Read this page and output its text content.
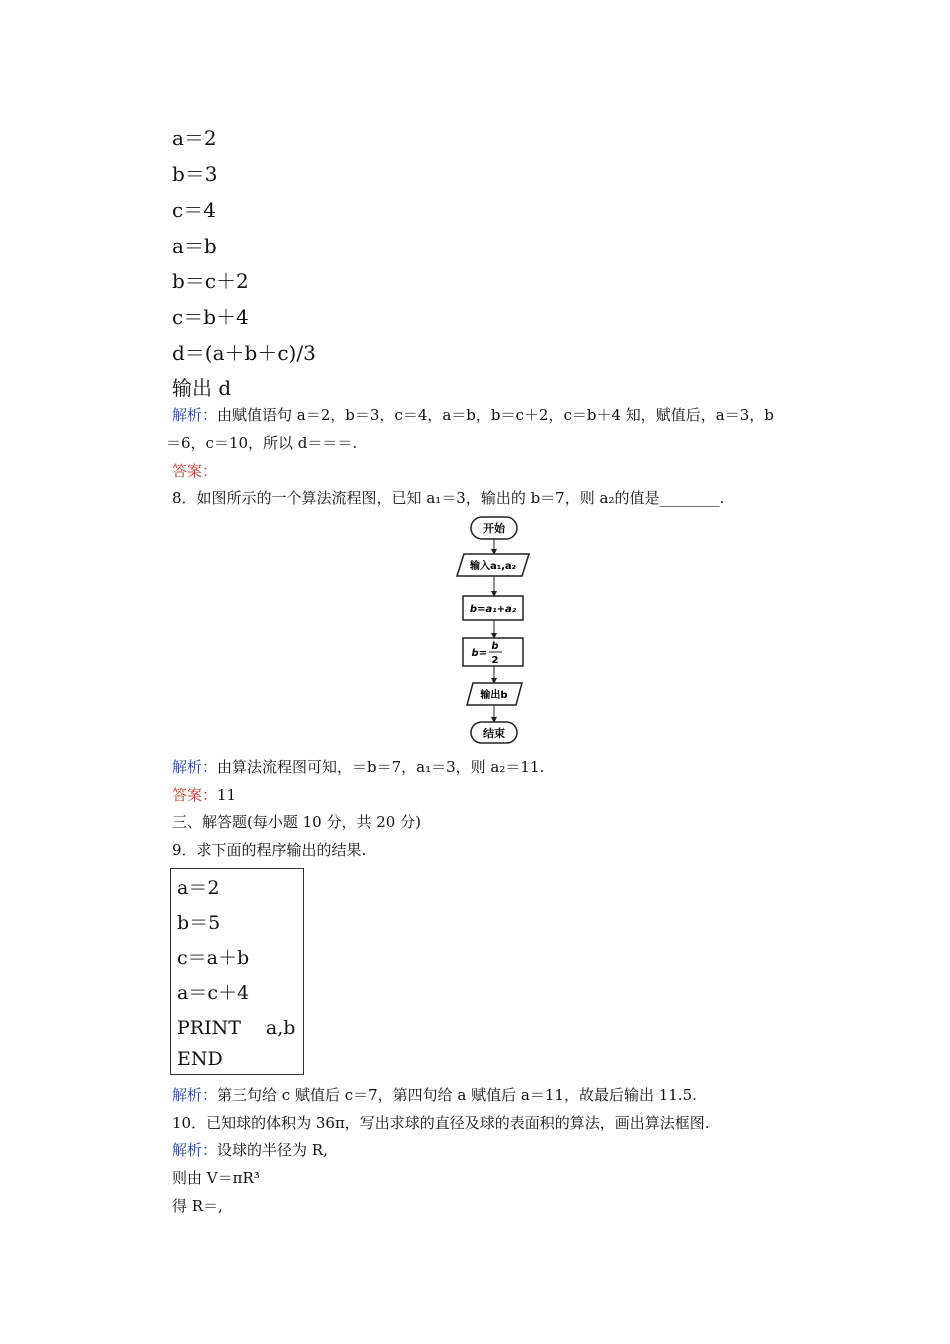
a＝2
b＝3
c＝4
a＝b
b＝c＋2
c＝b＋4
d＝(a＋b＋c)/3
输出 d
解析：由赋值语句 a＝2，b＝3，c＝4，a＝b，b＝c＋2，c＝b＋4 知，赋值后，a＝3，b
＝6，c＝10，所以 d＝＝＝.
答案：
8．如图所示的一个算法流程图，已知 a₁＝3，输出的 b＝7，则 a₂的值是________.
开始
输入a₁,a₂
b=a₁+a₂
b=
b
2
输出b
结束
解析：由算法流程图可知，＝b＝7，a₁＝3，则 a₂＝11.
答案：11
三、解答题(每小题 10 分，共 20 分)
9．求下面的程序输出的结果.
a＝2
b＝5
c＝a＋b
a＝c＋4
PRINT　 a,b
END
解析：第三句给 c 赋值后 c＝7，第四句给 a 赋值后 a＝11，故最后输出 11.5.
10．已知球的体积为 36π，写出求球的直径及球的表面积的算法，画出算法框图.
解析：设球的半径为 R,
则由 V＝πR³
得 R＝,
